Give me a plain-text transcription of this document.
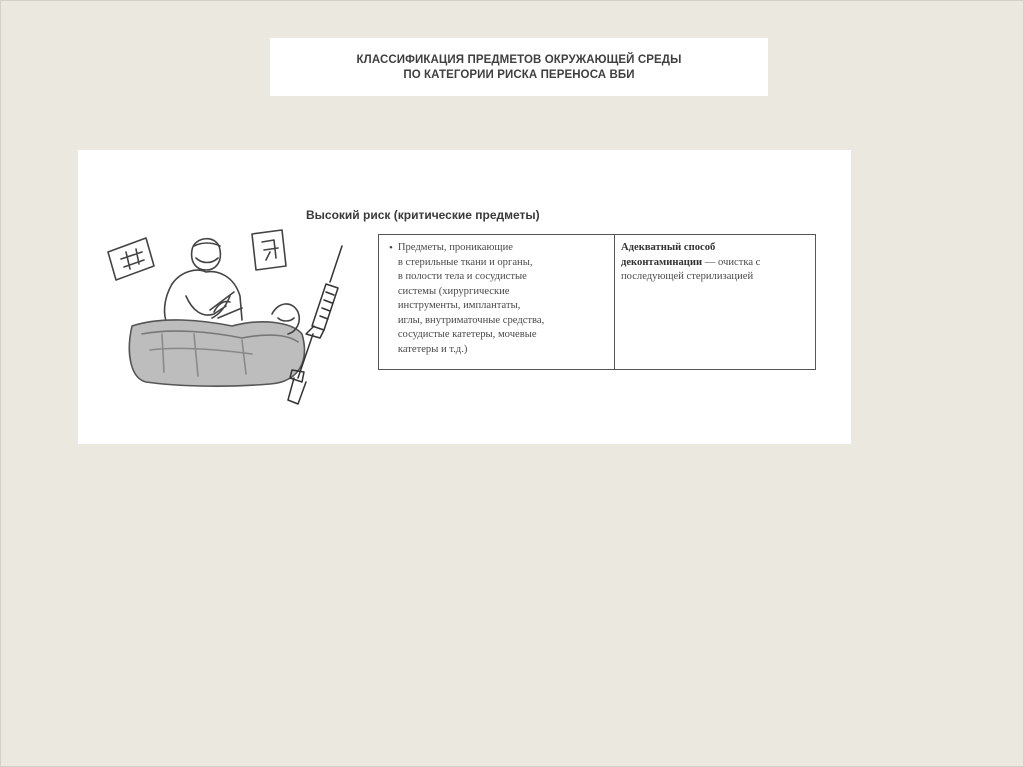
КЛАССИФИКАЦИЯ ПРЕДМЕТОВ ОКРУЖАЮЩЕЙ СРЕДЫ
ПО КАТЕГОРИИ РИСКА ПЕРЕНОСА ВБИ
Высокий риск (критические предметы)
• Предметы, проникающие
в стерильные ткани и органы,
в полости тела и сосудистые
системы (хирургические
инструменты, имплантаты,
иглы, внутриматочные средства,
сосудистые катетеры, мочевые
катетеры и т.д.)
Адекватный способ
деконтаминации — очистка с
последующей стерилизацией
